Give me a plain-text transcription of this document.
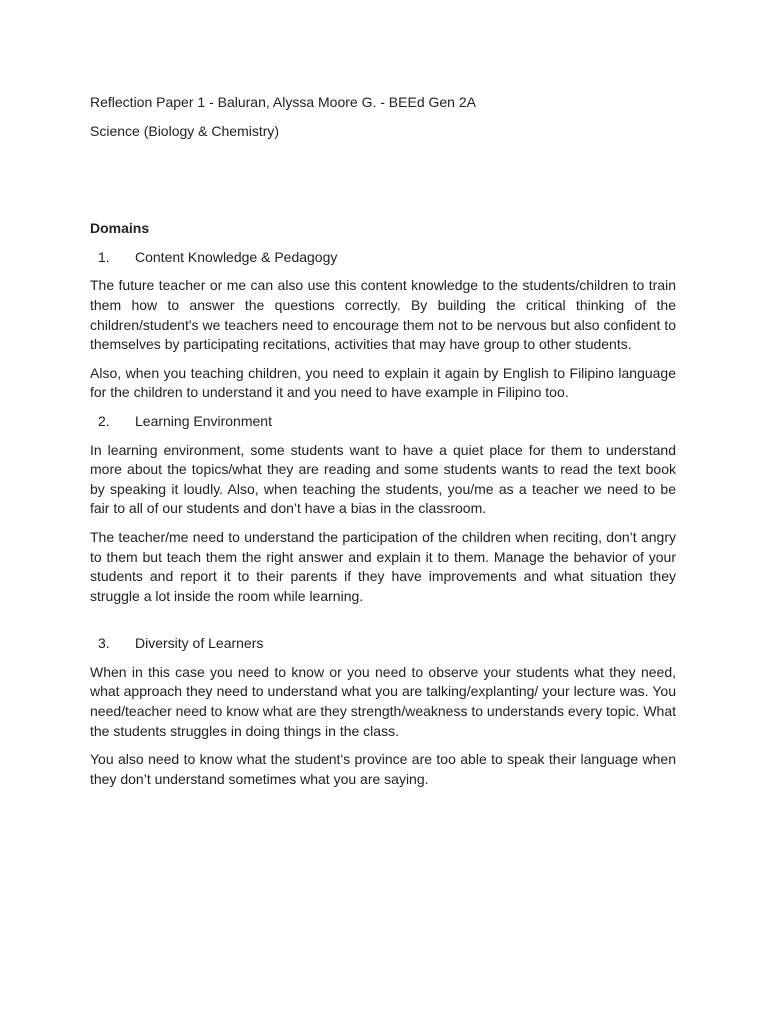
Reflection Paper 1 - Baluran, Alyssa Moore G. - BEEd Gen 2A
Science (Biology & Chemistry)
Domains
1.	Content Knowledge & Pedagogy

The future teacher or me can also use this content knowledge to the students/children to train them how to answer the questions correctly. By building the critical thinking of the children/student's we teachers need to encourage them not to be nervous but also confident to themselves by participating recitations, activities that may have group to other students.

Also, when you teaching children, you need to explain it again by English to Filipino language for the children to understand it and you need to have example in Filipino too.

2.	Learning Environment

In learning environment, some students want to have a quiet place for them to understand more about the topics/what they are reading and some students wants to read the text book by speaking it loudly. Also, when teaching the students, you/me as a teacher we need to be fair to all of our students and don’t have a bias in the classroom.

The teacher/me need to understand the participation of the children when reciting, don’t angry to them but teach them the right answer and explain it to them. Manage the behavior of your students and report it to their parents if they have improvements and what situation they struggle a lot inside the room while learning.

3.	Diversity of Learners

When in this case you need to know or you need to observe your students what they need, what approach they need to understand what you are talking/explanting/ your lecture was. You need/teacher need to know what are they strength/weakness to understands every topic. What the students struggles in doing things in the class.

You also need to know what the student's province are too able to speak their language when they don’t understand sometimes what you are saying.
